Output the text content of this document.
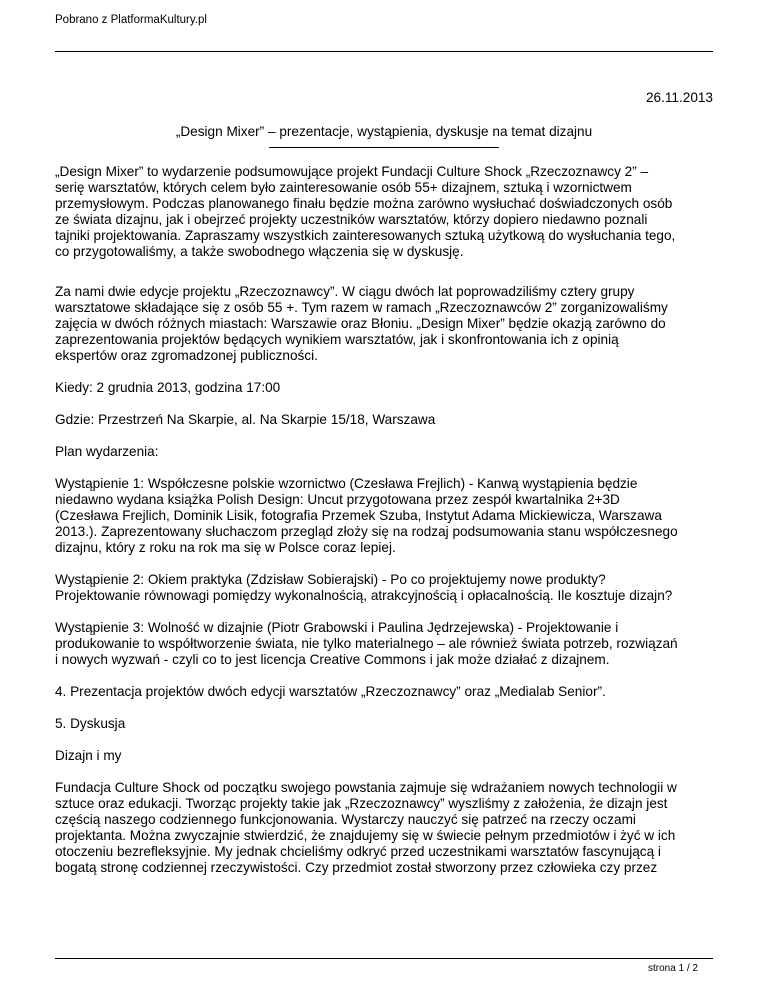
Pobrano z PlatformaKultury.pl

26.11.2013

„Design Mixer” – prezentacje, wystąpienia, dyskusje na temat dizajnu

„Design Mixer” to wydarzenie podsumowujące projekt Fundacji Culture Shock „Rzeczoznawcy 2” –
serię warsztatów, których celem było zainteresowanie osób 55+ dizajnem, sztuką i wzornictwem
przemysłowym. Podczas planowanego finału będzie można zarówno wysłuchać doświadczonych osób
ze świata dizajnu, jak i obejrzeć projekty uczestników warsztatów, którzy dopiero niedawno poznali
tajniki projektowania. Zapraszamy wszystkich zainteresowanych sztuką użytkową do wysłuchania tego,
co przygotowaliśmy, a także swobodnego włączenia się w dyskusję.

Za nami dwie edycje projektu „Rzeczoznawcy”. W ciągu dwóch lat poprowadziliśmy cztery grupy
warsztatowe składające się z osób 55 +. Tym razem w ramach „Rzeczoznawców 2” zorganizowaliśmy
zajęcia w dwóch różnych miastach: Warszawie oraz Błoniu. „Design Mixer” będzie okazją zarówno do
zaprezentowania projektów będących wynikiem warsztatów, jak i skonfrontowania ich z opinią
ekspertów oraz zgromadzonej publiczności.

Kiedy: 2 grudnia 2013, godzina 17:00

Gdzie: Przestrzeń Na Skarpie, al. Na Skarpie 15/18, Warszawa

Plan wydarzenia:

Wystąpienie 1: Współczesne polskie wzornictwo (Czesława Frejlich) - Kanwą wystąpienia będzie
niedawno wydana książka Polish Design: Uncut przygotowana przez zespół kwartalnika 2+3D
(Czesława Frejlich, Dominik Lisik, fotografia Przemek Szuba, Instytut Adama Mickiewicza, Warszawa
2013.). Zaprezentowany słuchaczom przegląd złoży się na rodzaj podsumowania stanu współczesnego
dizajnu, który z roku na rok ma się w Polsce coraz lepiej.

Wystąpienie 2: Okiem praktyka (Zdzisław Sobierajski) - Po co projektujemy nowe produkty?
Projektowanie równowagi pomiędzy wykonalnością, atrakcyjnością i opłacalnością. Ile kosztuje dizajn?

Wystąpienie 3: Wolność w dizajnie (Piotr Grabowski i Paulina Jędrzejewska) - Projektowanie i
produkowanie to współtworzenie świata, nie tylko materialnego – ale również świata potrzeb, rozwiązań
i nowych wyzwań - czyli co to jest licencja Creative Commons i jak może działać z dizajnem.

4. Prezentacja projektów dwóch edycji warsztatów „Rzeczoznawcy” oraz „Medialab Senior”.

5. Dyskusja

Dizajn i my

Fundacja Culture Shock od początku swojego powstania zajmuje się wdrażaniem nowych technologii w
sztuce oraz edukacji. Tworząc projekty takie jak „Rzeczoznawcy” wyszliśmy z założenia, że dizajn jest
częścią naszego codziennego funkcjonowania. Wystarczy nauczyć się patrzeć na rzeczy oczami
projektanta. Można zwyczajnie stwierdzić, że znajdujemy się w świecie pełnym przedmiotów i żyć w ich
otoczeniu bezrefleksyjnie. My jednak chcieliśmy odkryć przed uczestnikami warsztatów fascynującą i
bogatą stronę codziennej rzeczywistości. Czy przedmiot został stworzony przez człowieka czy przez

strona 1 / 2
